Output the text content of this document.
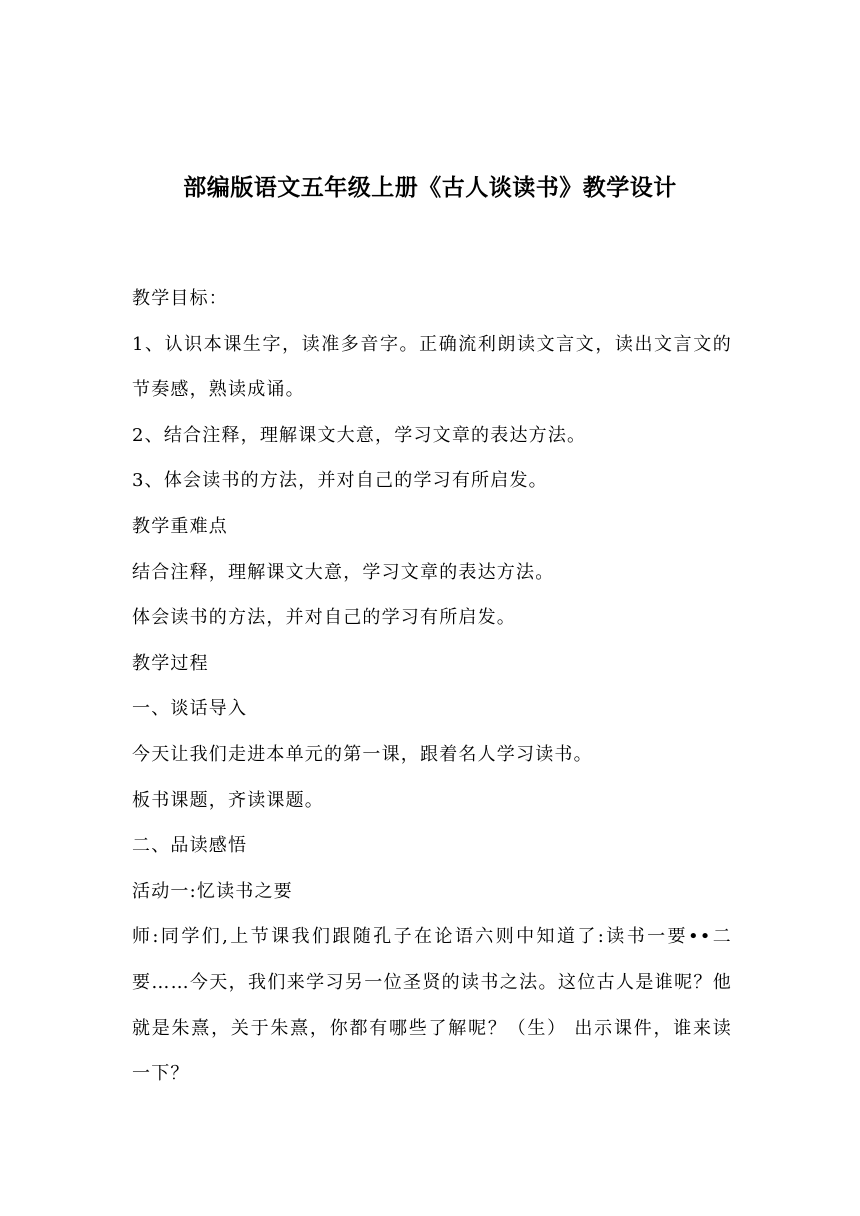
部编版语文五年级上册《古人谈读书》教学设计

教学目标：

1、认识本课生字，读准多音字。正确流利朗读文言文，读出文言文的节奏感，熟读成诵。

2、结合注释，理解课文大意，学习文章的表达方法。

3、体会读书的方法，并对自己的学习有所启发。

教学重难点

结合注释，理解课文大意，学习文章的表达方法。

体会读书的方法，并对自己的学习有所启发。

教学过程

一、谈话导入

今天让我们走进本单元的第一课，跟着名人学习读书。

板书课题，齐读课题。

二、品读感悟

活动一:忆读书之要

师:同学们,上节课我们跟随孔子在论语六则中知道了:读书一要••二要……今天，我们来学习另一位圣贤的读书之法。这位古人是谁呢？他就是朱熹，关于朱熹，你都有哪些了解呢？（生） 出示课件，谁来读一下？
